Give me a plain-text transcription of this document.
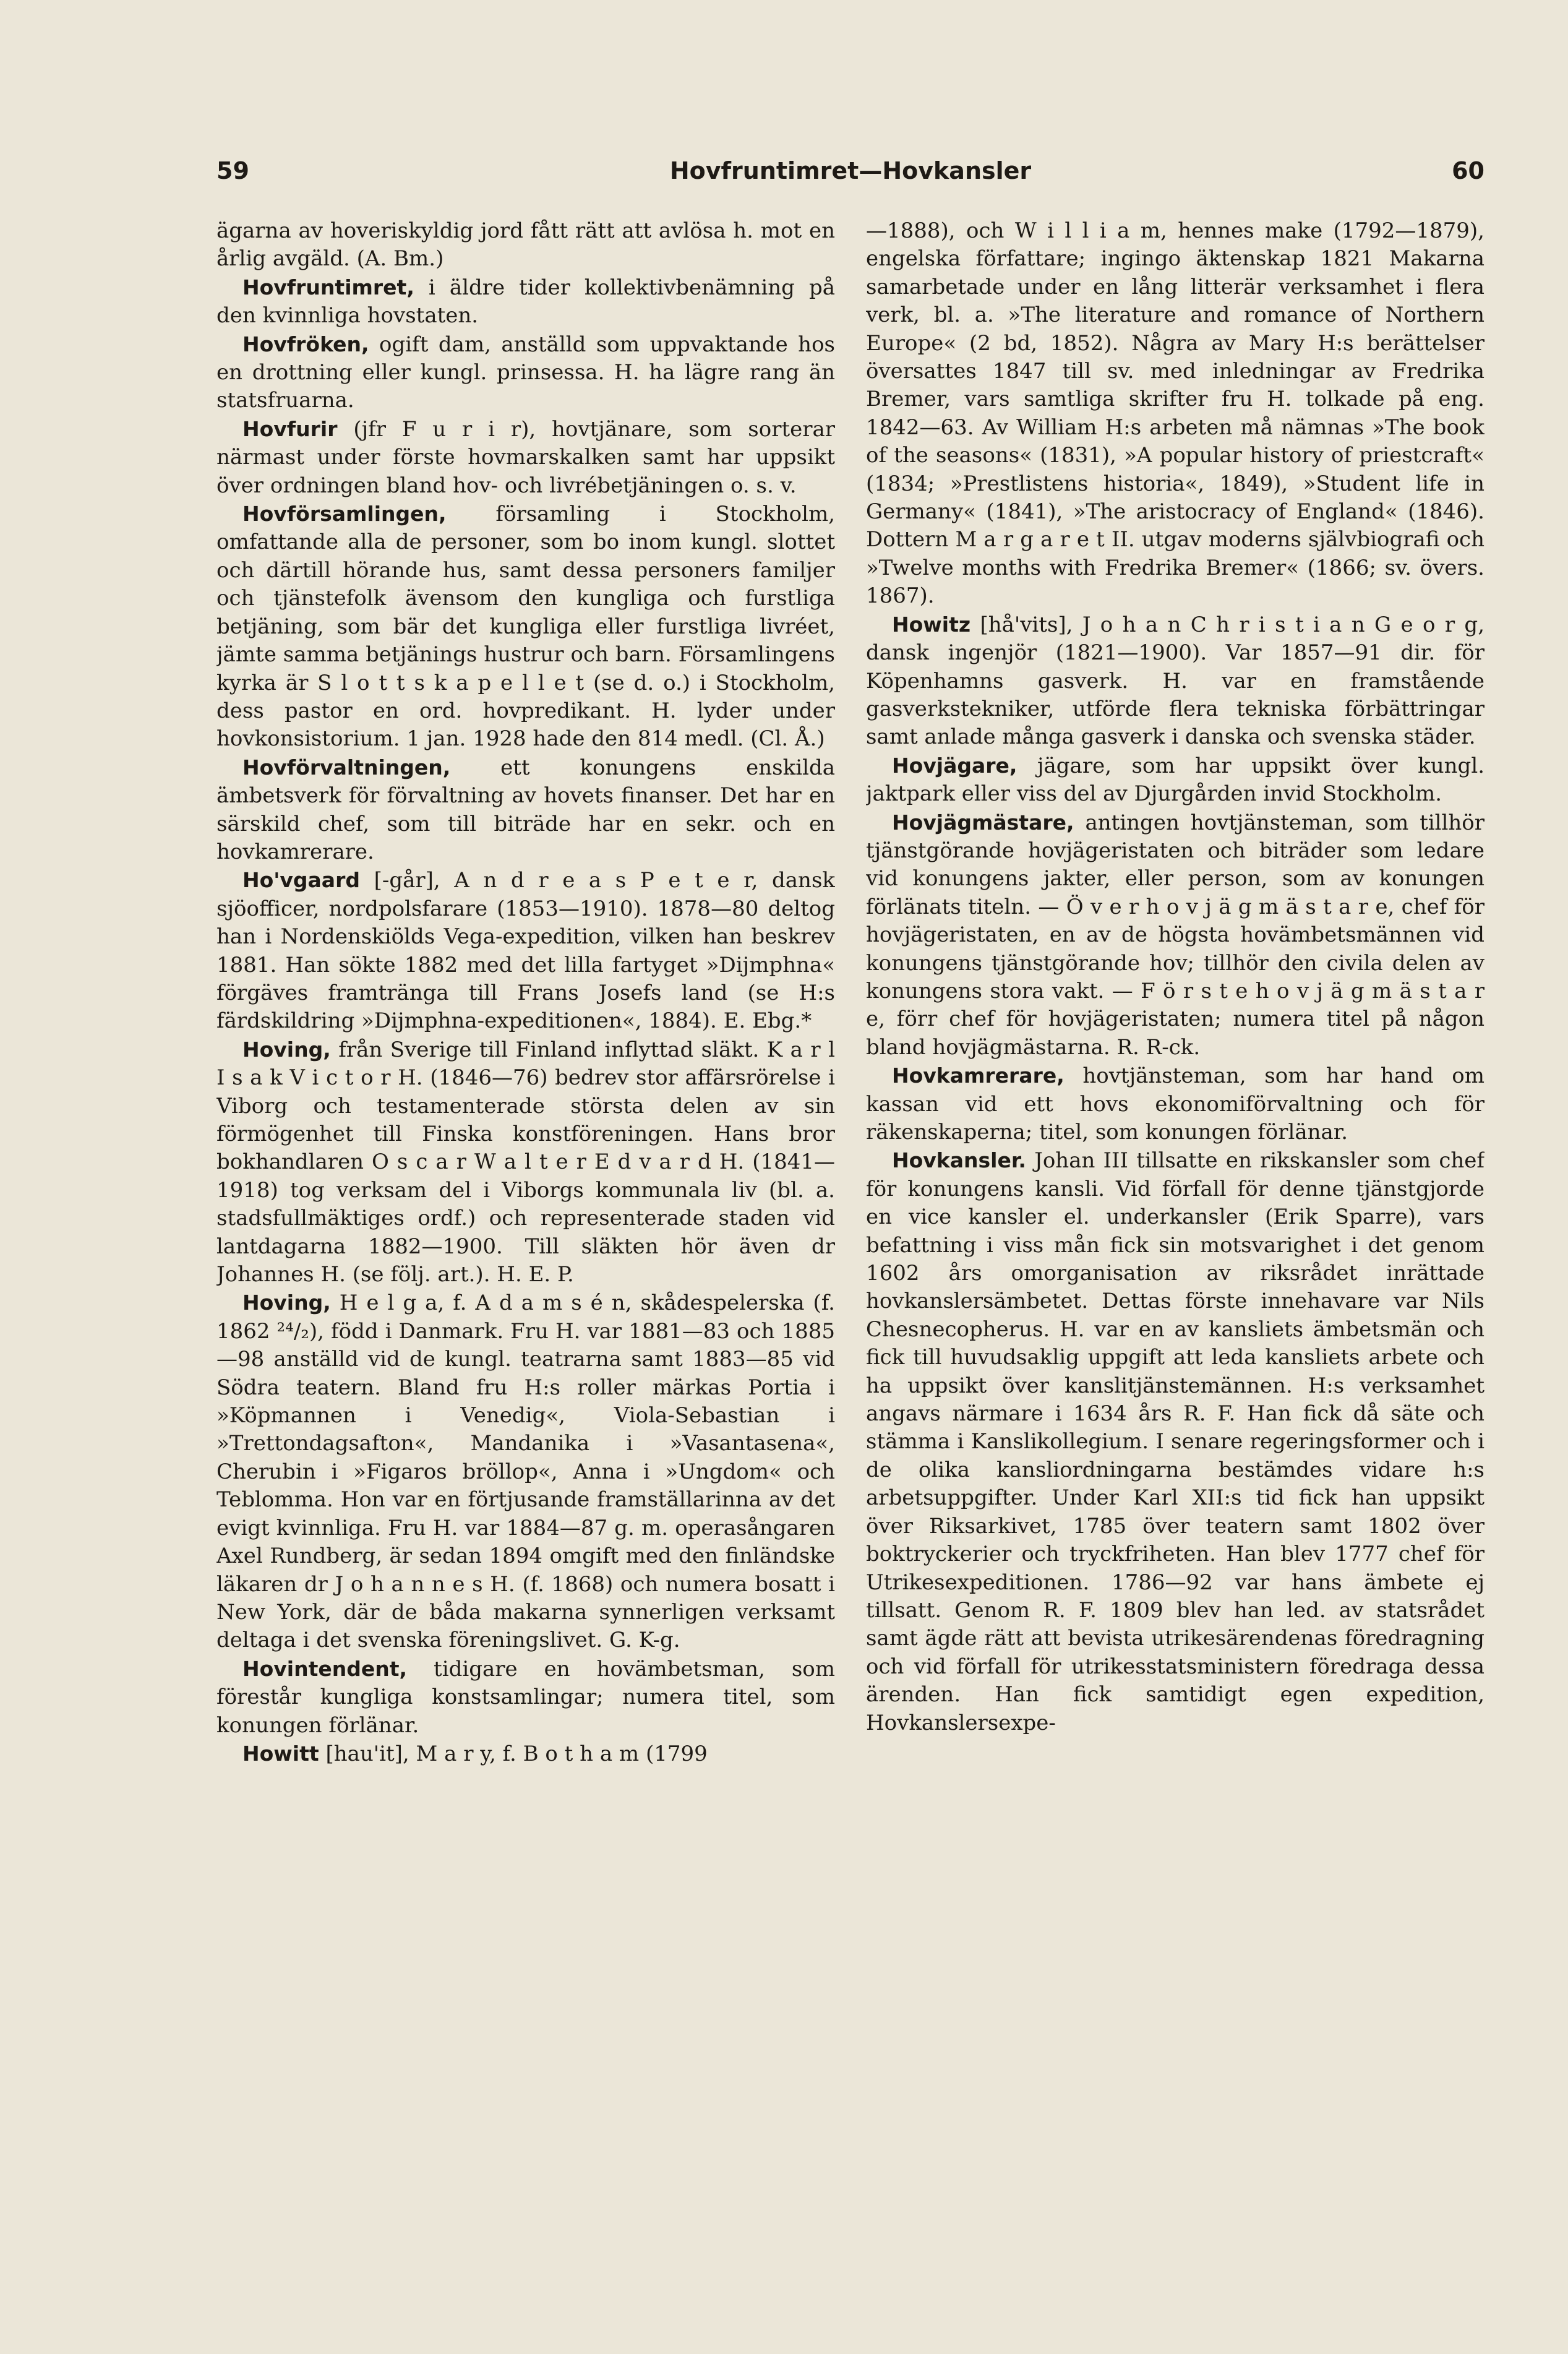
59	Hovfruntimret—Hovkansler	60

ägarna av hoveriskyldig jord fått rätt att avlösa h. mot en årlig avgäld. (A. Bm.)

Hovfruntimret, i äldre tider kollektivbenämning på den kvinnliga hovstaten.

Hovfröken, ogift dam, anställd som uppvaktande hos en drottning eller kungl. prinsessa. H. ha lägre rang än statsfruarna.

Hovfurir (jfr F u r i r), hovtjänare, som sorterar närmast under förste hovmarskalken samt har uppsikt över ordningen bland hov- och livrébetjäningen o. s. v.

Hovförsamlingen, församling i Stockholm, omfattande alla de personer, som bo inom kungl. slottet och därtill hörande hus, samt dessa personers familjer och tjänstefolk ävensom den kungliga och furstliga betjäning, som bär det kungliga eller furstliga livréet, jämte samma betjänings hustrur och barn. Församlingens kyrka är S l o t t s k a p e l l e t (se d. o.) i Stockholm, dess pastor en ord. hovpredikant. H. lyder under hovkonsistorium. 1 jan. 1928 hade den 814 medl. (Cl. Å.)

Hovförvaltningen, ett konungens enskilda ämbetsverk för förvaltning av hovets finanser. Det har en särskild chef, som till biträde har en sekr. och en hovkamrerare.

Ho'vgaard [-går], A n d r e a s P e t e r, dansk sjöofficer, nordpolsfarare (1853—1910). 1878—80 deltog han i Nordenskiölds Vega-expedition, vilken han beskrev 1881. Han sökte 1882 med det lilla fartyget »Dijmphna« förgäves framtränga till Frans Josefs land (se H:s färdskildring »Dijmphna-expeditionen«, 1884). E. Ebg.*

Hoving, från Sverige till Finland inflyttad släkt. K a r l I s a k V i c t o r H. (1846—76) bedrev stor affärsrörelse i Viborg och testamenterade största delen av sin förmögenhet till Finska konstföreningen. Hans bror bokhandlaren O s c a r W a l t e r E d v a r d H. (1841—1918) tog verksam del i Viborgs kommunala liv (bl. a. stadsfullmäktiges ordf.) och representerade staden vid lantdagarna 1882—1900. Till släkten hör även dr Johannes H. (se följ. art.). H. E. P.

Hoving, H e l g a, f. A d a m s é n, skådespelerska (f. 1862 ²⁴/₂), född i Danmark. Fru H. var 1881—83 och 1885—98 anställd vid de kungl. teatrarna samt 1883—85 vid Södra teatern. Bland fru H:s roller märkas Portia i »Köpmannen i Venedig«, Viola-Sebastian i »Trettondagsafton«, Mandanika i »Vasantasena«, Cherubin i »Figaros bröllop«, Anna i »Ungdom« och Teblomma. Hon var en förtjusande framställarinna av det evigt kvinnliga. Fru H. var 1884—87 g. m. operasångaren Axel Rundberg, är sedan 1894 omgift med den finländske läkaren dr J o h a n n e s H. (f. 1868) och numera bosatt i New York, där de båda makarna synnerligen verksamt deltaga i det svenska föreningslivet. G. K-g.

Hovintendent, tidigare en hovämbetsman, som förestår kungliga konstsamlingar; numera titel, som konungen förlänar.

Howitt [hau'it], M a r y, f. B o t h a m (1799

—1888), och W i l l i a m, hennes make (1792—1879), engelska författare; ingingo äktenskap 1821 Makarna samarbetade under en lång litterär verksamhet i flera verk, bl. a. »The literature and romance of Northern Europe« (2 bd, 1852). Några av Mary H:s berättelser översattes 1847 till sv. med inledningar av Fredrika Bremer, vars samtliga skrifter fru H. tolkade på eng. 1842—63. Av William H:s arbeten må nämnas »The book of the seasons« (1831), »A popular history of priestcraft« (1834; »Prestlistens historia«, 1849), »Student life in Germany« (1841), »The aristocracy of England« (1846). Dottern M a r g a r e t II. utgav moderns självbiografi och »Twelve months with Fredrika Bremer« (1866; sv. övers. 1867).

Howitz [hå'vits], J o h a n C h r i s t i a n G e o r g, dansk ingenjör (1821—1900). Var 1857—91 dir. för Köpenhamns gasverk. H. var en framstående gasverkstekniker, utförde flera tekniska förbättringar samt anlade många gasverk i danska och svenska städer.

Hovjägare, jägare, som har uppsikt över kungl. jaktpark eller viss del av Djurgården invid Stockholm.

Hovjägmästare, antingen hovtjänsteman, som tillhör tjänstgörande hovjägeristaten och biträder som ledare vid konungens jakter, eller person, som av konungen förlänats titeln. — Ö v e r h o v j ä g m ä s t a r e, chef för hovjägeristaten, en av de högsta hovämbetsmännen vid konungens tjänstgörande hov; tillhör den civila delen av konungens stora vakt. — F ö r s t e h o v j ä g m ä s t a r e, förr chef för hovjägeristaten; numera titel på någon bland hovjägmästarna. R. R-ck.

Hovkamrerare, hovtjänsteman, som har hand om kassan vid ett hovs ekonomiförvaltning och för räkenskaperna; titel, som konungen förlänar.

Hovkansler. Johan III tillsatte en rikskansler som chef för konungens kansli. Vid förfall för denne tjänstgjorde en vice kansler el. underkansler (Erik Sparre), vars befattning i viss mån fick sin motsvarighet i det genom 1602 års omorganisation av riksrådet inrättade hovkanslersämbetet. Dettas förste innehavare var Nils Chesnecopherus. H. var en av kansliets ämbetsmän och fick till huvudsaklig uppgift att leda kansliets arbete och ha uppsikt över kanslitjänstemännen. H:s verksamhet angavs närmare i 1634 års R. F. Han fick då säte och stämma i Kanslikollegium. I senare regeringsformer och i de olika kansliordningarna bestämdes vidare h:s arbetsuppgifter. Under Karl XII:s tid fick han uppsikt över Riksarkivet, 1785 över teatern samt 1802 över boktryckerier och tryckfriheten. Han blev 1777 chef för Utrikesexpeditionen. 1786—92 var hans ämbete ej tillsatt. Genom R. F. 1809 blev han led. av statsrådet samt ägde rätt att bevista utrikesärendenas föredragning och vid förfall för utrikesstatsministern föredraga dessa ärenden. Han fick samtidigt egen expedition, Hovkanslersexpe-
